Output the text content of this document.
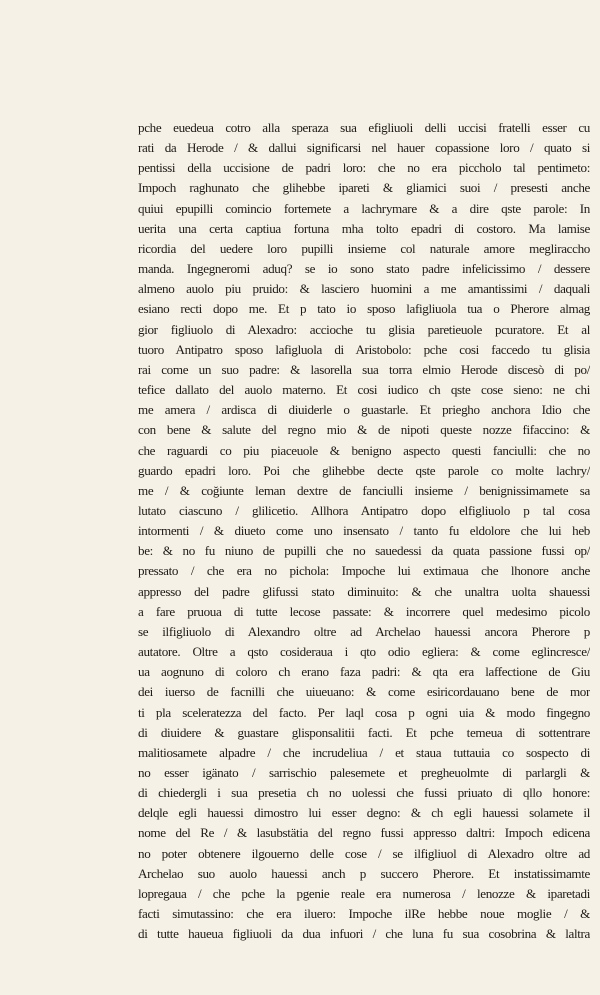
pche euedeua cotro alla speraza sua efigliuoli delli uccisi fratelli esser cu
rati da Herode / & dallui significarsi nel hauer copassione loro / quato si
pentissi della uccisione de padri loro: che no era piccholo tal pentimeto:
Impoch raghunato che glihebbe ipareti & gliamici suoi / presesti anche
quiui epupilli comincio fortemete a lachrymare & a dire qste parole: In
uerita una certa captiua fortuna mha tolto epadri di costoro. Ma lamise
ricordia del uedere loro pupilli insieme col naturale amore megliraccho
manda. Ingegneromi aduq? se io sono stato padre infelicissimo / dessere
almeno auolo piu pruido: & lasciero huomini a me amantissimi / daquali
esiano recti dopo me. Et p tato io sposo lafigliuola tua o Pherore almag
gior figliuolo di Alexadro: accioche tu glisia paretieuole pcuratore. Et al
tuoro Antipatro sposo lafigluola di Aristobolo: pche cosi faccedo tu glisia
rai come un suo padre: & lasorella sua torra elmio Herode discesò di po/
tefice dallato del auolo materno. Et cosi iudico ch qste cose sieno: ne chi
me amera / ardisca di diuiderle o guastarle. Et priegho anchora Idio che
con bene & salute del regno mio & de nipoti queste nozze fifaccino: &
che raguardi co piu piaceuole & benigno aspecto questi fanciulli: che no
guardo epadri loro. Poi che glihebbe decte qste parole co molte lachry/
me / & coğiunte leman dextre de fanciulli insieme / benignissimamete sa
lutato ciascuno / glilicetio. Allhora Antipatro dopo elfigliuolo p tal cosa
intormenti / & diueto come uno insensato / tanto fu eldolore che lui heb
be: & no fu niuno de pupilli che no sauedessi da quata passione fussi op/
pressato / che era no pichola: Impoche lui extimaua che lhonore anche
appresso del padre glifussi stato diminuito: & che unaltra uolta shauessi
a fare pruoua di tutte lecose passate: & incorrere quel medesimo picolo
se ilfigliuolo di Alexandro oltre ad Archelao hauessi ancora Pherore p
autatore. Oltre a qsto cosideraua i qto odio egliera: & come eglincresce/
ua aognuno di coloro ch erano faza padri: & qta era laffectione de Giu
dei iuerso de facnilli che uiueuano: & come esiricordauano bene de mor
ti pla sceleratezza del facto. Per laql cosa p ogni uia & modo fingegno
di diuidere & guastare glisponsalitii facti. Et pche temeua di sottentrare
malitiosamete alpadre / che incrudeliua / et staua tuttauia co sospecto di
no esser igänato / sarrischio palesemete et pregheuolmte di parlargli &
di chiedergli i sua presetia ch no uolessi che fussi priuato di qllo honore:
delqle egli hauessi dimostro lui esser degno: & ch egli hauessi solamete il
nome del Re / & lasubstätia del regno fussi appresso daltri: Impoch edicena
no poter obtenere ilgouerno delle cose / se ilfigliuol di Alexadro oltre ad
Archelao suo auolo hauessi anch p succero Pherore. Et instatissimamte
lopregaua / che pche la pgenie reale era numerosa / lenozze & iparetadi
facti simutassino: che era iluero: Impoche ilRe hebbe noue moglie / &
di tutte haueua figliuoli da dua infuori / che luna fu sua cosobrina & laltra
